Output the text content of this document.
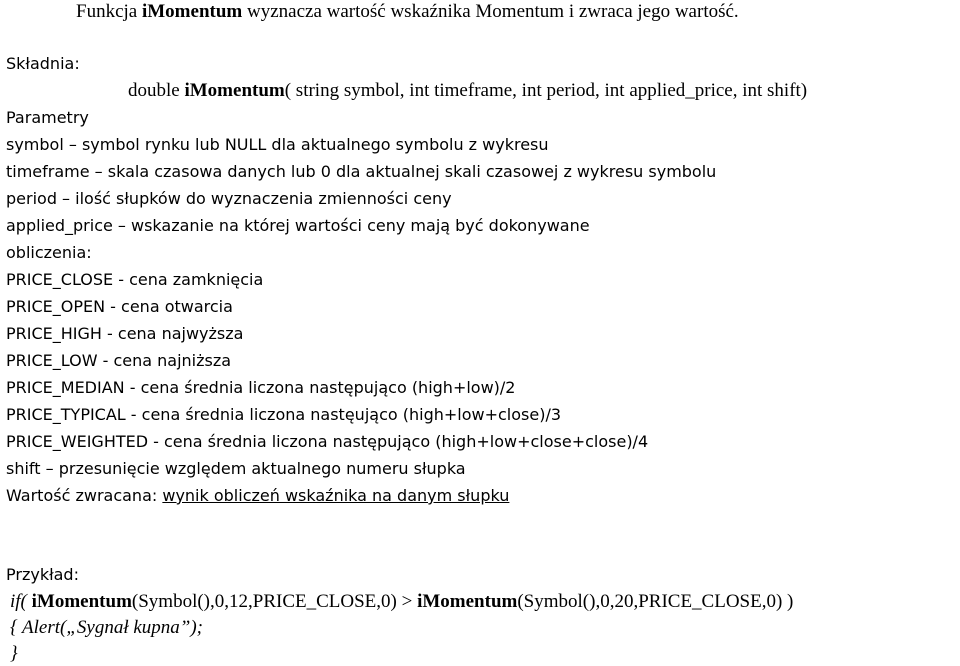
Funkcja iMomentum wyznacza wartość wskaźnika Momentum i zwraca jego wartość.
Składnia:
double iMomentum( string symbol, int timeframe, int period, int applied_price, int shift)
Parametry
symbol – symbol rynku lub NULL dla aktualnego symbolu z wykresu
timeframe – skala czasowa danych lub 0 dla aktualnej skali czasowej z wykresu symbolu
period – ilość słupków do wyznaczenia zmienności ceny
applied_price – wskazanie na której wartości ceny mają być dokonywane
obliczenia:
PRICE_CLOSE - cena zamknięcia
PRICE_OPEN - cena otwarcia
PRICE_HIGH - cena najwyższa
PRICE_LOW - cena najniższa
PRICE_MEDIAN - cena średnia liczona następująco (high+low)/2
PRICE_TYPICAL - cena średnia liczona nastęująco (high+low+close)/3
PRICE_WEIGHTED - cena średnia liczona następująco (high+low+close+close)/4
shift – przesunięcie względem aktualnego numeru słupka
Wartość zwracana: wynik obliczeń wskaźnika na danym słupku
Przykład:
if( iMomentum(Symbol(),0,12,PRICE_CLOSE,0) > iMomentum(Symbol(),0,20,PRICE_CLOSE,0) )
{ Alert(„Sygnał kupna”);
}
